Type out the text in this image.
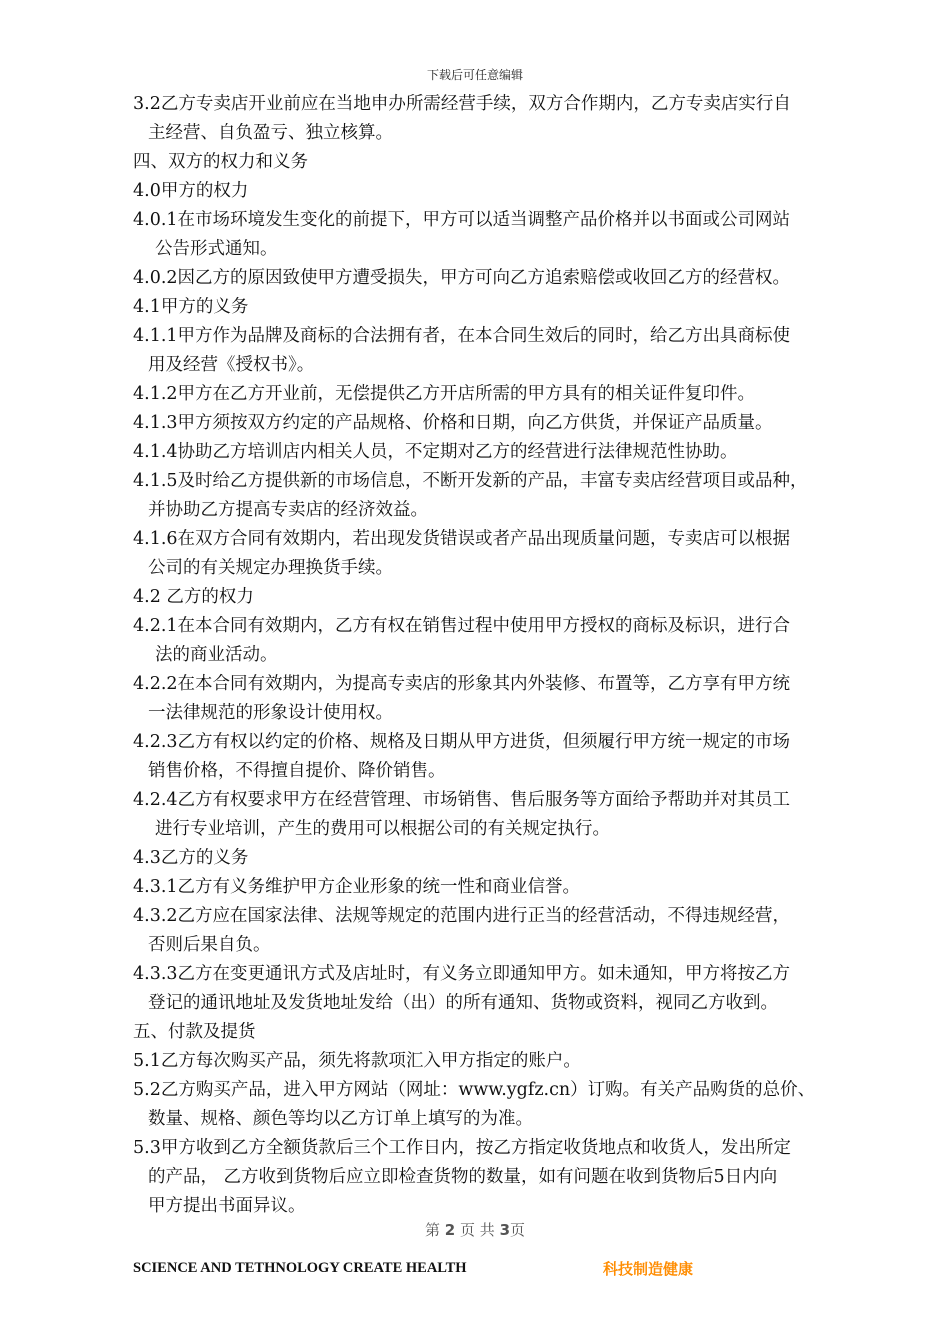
下载后可任意编辑
3.2乙方专卖店开业前应在当地申办所需经营手续，双方合作期内，乙方专卖店实行自
主经营、自负盈亏、独立核算。
四、双方的权力和义务
4.0甲方的权力
4.0.1在市场环境发生变化的前提下，甲方可以适当调整产品价格并以书面或公司网站
公告形式通知。
4.0.2因乙方的原因致使甲方遭受损失，甲方可向乙方追索赔偿或收回乙方的经营权。
4.1甲方的义务
4.1.1甲方作为品牌及商标的合法拥有者，在本合同生效后的同时，给乙方出具商标使
用及经营《授权书》。
4.1.2甲方在乙方开业前，无偿提供乙方开店所需的甲方具有的相关证件复印件。
4.1.3甲方须按双方约定的产品规格、价格和日期，向乙方供货，并保证产品质量。
4.1.4协助乙方培训店内相关人员，不定期对乙方的经营进行法律规范性协助。
4.1.5及时给乙方提供新的市场信息，不断开发新的产品，丰富专卖店经营项目或品种，
并协助乙方提高专卖店的经济效益。
4.1.6在双方合同有效期内，若出现发货错误或者产品出现质量问题，专卖店可以根据
公司的有关规定办理换货手续。
4.2 乙方的权力
4.2.1在本合同有效期内，乙方有权在销售过程中使用甲方授权的商标及标识，进行合
法的商业活动。
4.2.2在本合同有效期内，为提高专卖店的形象其内外装修、布置等，乙方享有甲方统
一法律规范的形象设计使用权。
4.2.3乙方有权以约定的价格、规格及日期从甲方进货，但须履行甲方统一规定的市场
销售价格，不得擅自提价、降价销售。
4.2.4乙方有权要求甲方在经营管理、市场销售、售后服务等方面给予帮助并对其员工
进行专业培训，产生的费用可以根据公司的有关规定执行。
4.3乙方的义务
4.3.1乙方有义务维护甲方企业形象的统一性和商业信誉。
4.3.2乙方应在国家法律、法规等规定的范围内进行正当的经营活动，不得违规经营，
否则后果自负。
4.3.3乙方在变更通讯方式及店址时，有义务立即通知甲方。如未通知，甲方将按乙方
登记的通讯地址及发货地址发给（出）的所有通知、货物或资料，视同乙方收到。
五、付款及提货
5.1乙方每次购买产品，须先将款项汇入甲方指定的账户。
5.2乙方购买产品，进入甲方网站（网址：www.ygfz.cn）订购。有关产品购货的总价、
数量、规格、颜色等均以乙方订单上填写的为准。
5.3甲方收到乙方全额货款后三个工作日内，按乙方指定收货地点和收货人，发出所定
的产品， 乙方收到货物后应立即检查货物的数量，如有问题在收到货物后5日内向
甲方提出书面异议。
第 2 页 共 3页
SCIENCE AND TETHNOLOGY CREATE HEALTH	科技制造健康
